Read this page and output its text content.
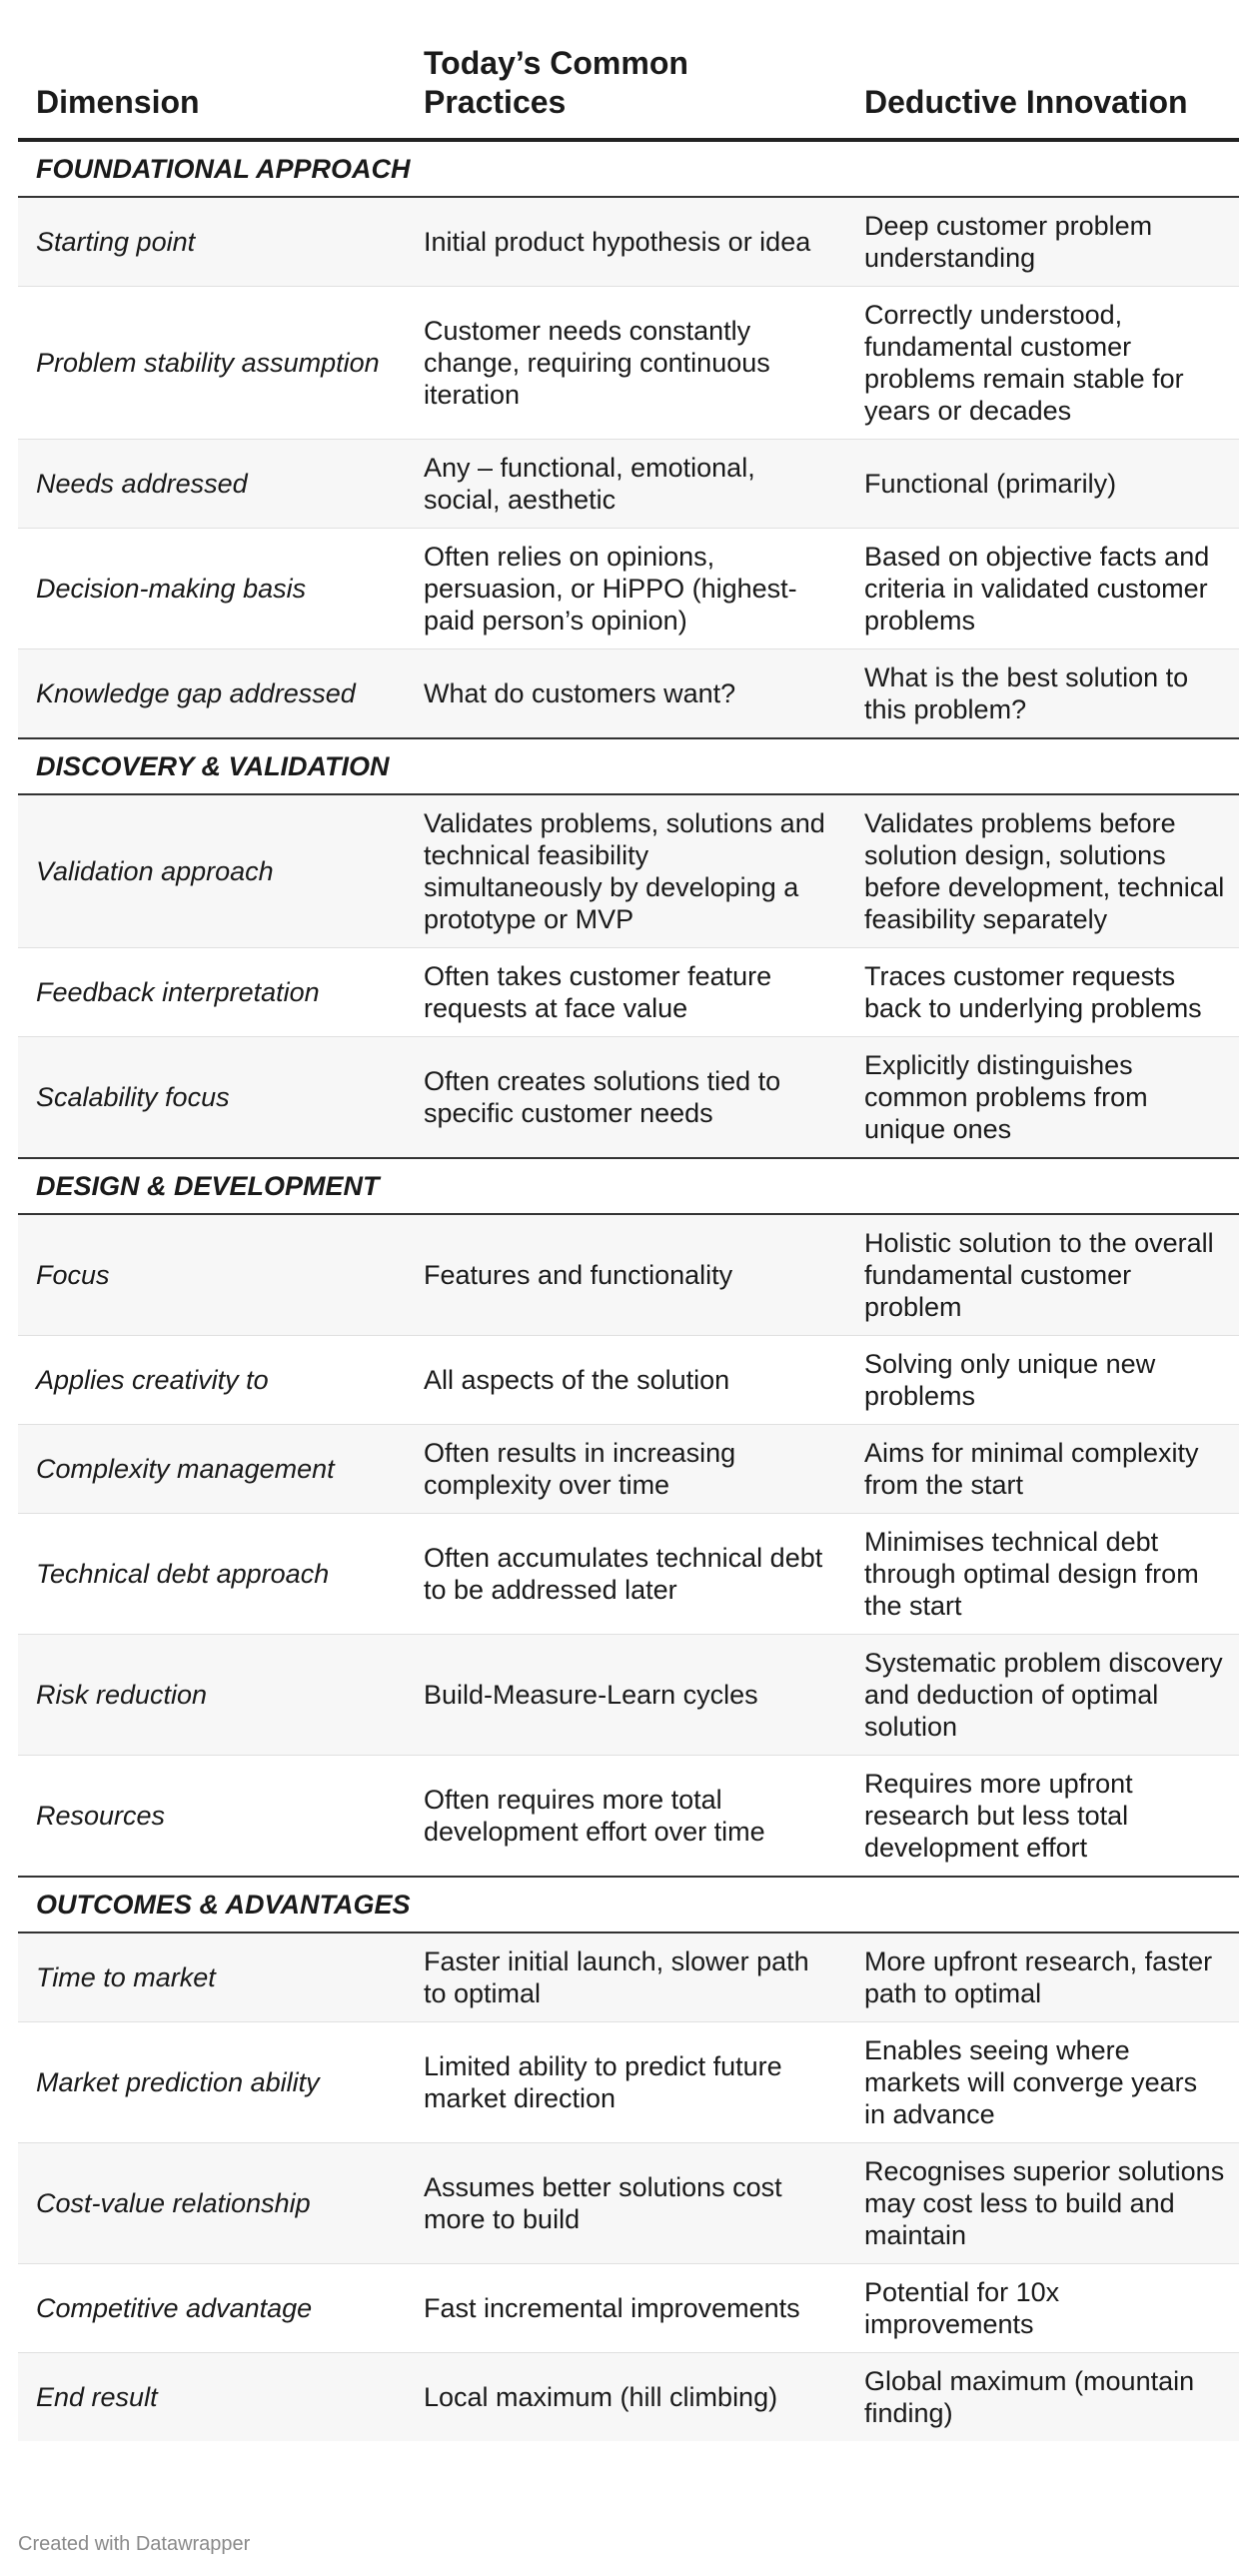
Dimension	Today’s Common Practices	Deductive Innovation
FOUNDATIONAL APPROACH		
Starting point	Initial product hypothesis or idea	Deep customer problem understanding
Problem stability assumption	Customer needs constantly change, requiring continuous iteration	Correctly understood, fundamental customer problems remain stable for years or decades
Needs addressed	Any – functional, emotional, social, aesthetic	Functional (primarily)
Decision-making basis	Often relies on opinions, persuasion, or HiPPO (highest-paid person’s opinion)	Based on objective facts and criteria in validated customer problems
Knowledge gap addressed	What do customers want?	What is the best solution to this problem?
DISCOVERY & VALIDATION		
Validation approach	Validates problems, solutions and technical feasibility simultaneously by developing a prototype or MVP	Validates problems before solution design, solutions before development, technical feasibility separately
Feedback interpretation	Often takes customer feature requests at face value	Traces customer requests back to underlying problems
Scalability focus	Often creates solutions tied to specific customer needs	Explicitly distinguishes common problems from unique ones
DESIGN & DEVELOPMENT		
Focus	Features and functionality	Holistic solution to the overall fundamental customer problem
Applies creativity to	All aspects of the solution	Solving only unique new problems
Complexity management	Often results in increasing complexity over time	Aims for minimal complexity from the start
Technical debt approach	Often accumulates technical debt to be addressed later	Minimises technical debt through optimal design from the start
Risk reduction	Build-Measure-Learn cycles	Systematic problem discovery and deduction of optimal solution
Resources	Often requires more total development effort over time	Requires more upfront research but less total development effort
OUTCOMES & ADVANTAGES		
Time to market	Faster initial launch, slower path to optimal	More upfront research, faster path to optimal
Market prediction ability	Limited ability to predict future market direction	Enables seeing where markets will converge years in advance
Cost-value relationship	Assumes better solutions cost more to build	Recognises superior solutions may cost less to build and maintain
Competitive advantage	Fast incremental improvements	Potential for 10x improvements
End result	Local maximum (hill climbing)	Global maximum (mountain finding)
Created with Datawrapper
